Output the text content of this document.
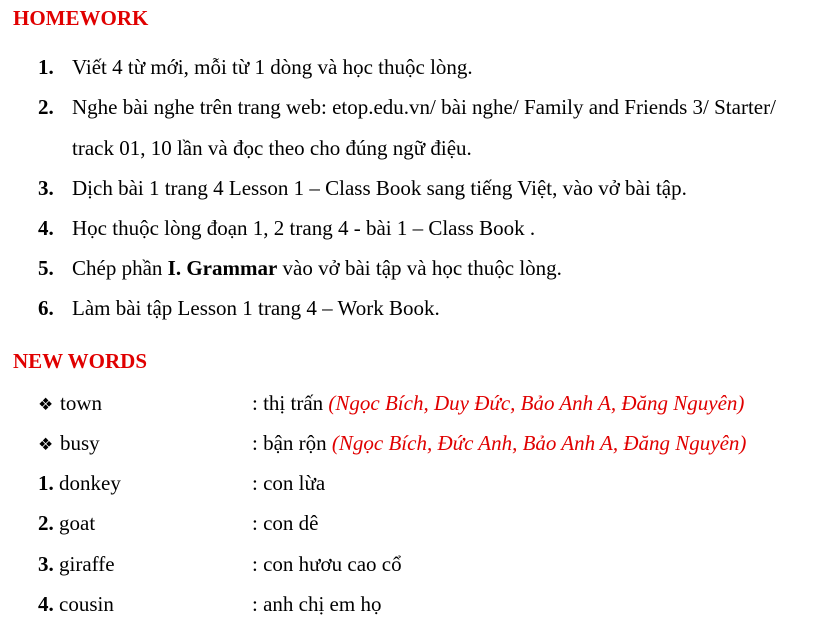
HOMEWORK
1. Viết 4 từ mới, mỗi từ 1 dòng và học thuộc lòng.
2. Nghe bài nghe trên trang web: etop.edu.vn/ bài nghe/ Family and Friends 3/ Starter/
track 01, 10 lần và đọc theo cho đúng ngữ điệu.
3. Dịch bài 1 trang 4 Lesson 1 – Class Book sang tiếng Việt, vào vở bài tập.
4. Học thuộc lòng đoạn 1, 2 trang 4 - bài 1 – Class Book .
5. Chép phần I. Grammar vào vở bài tập và học thuộc lòng.
6. Làm bài tập Lesson 1 trang 4 – Work Book.
NEW WORDS
❖ town	: thị trấn (Ngọc Bích, Duy Đức, Bảo Anh A, Đăng Nguyên)
❖ busy	: bận rộn (Ngọc Bích, Đức Anh, Bảo Anh A, Đăng Nguyên)
1. donkey	: con lừa
2. goat	: con dê
3. giraffe	: con hươu cao cổ
4. cousin	: anh chị em họ
